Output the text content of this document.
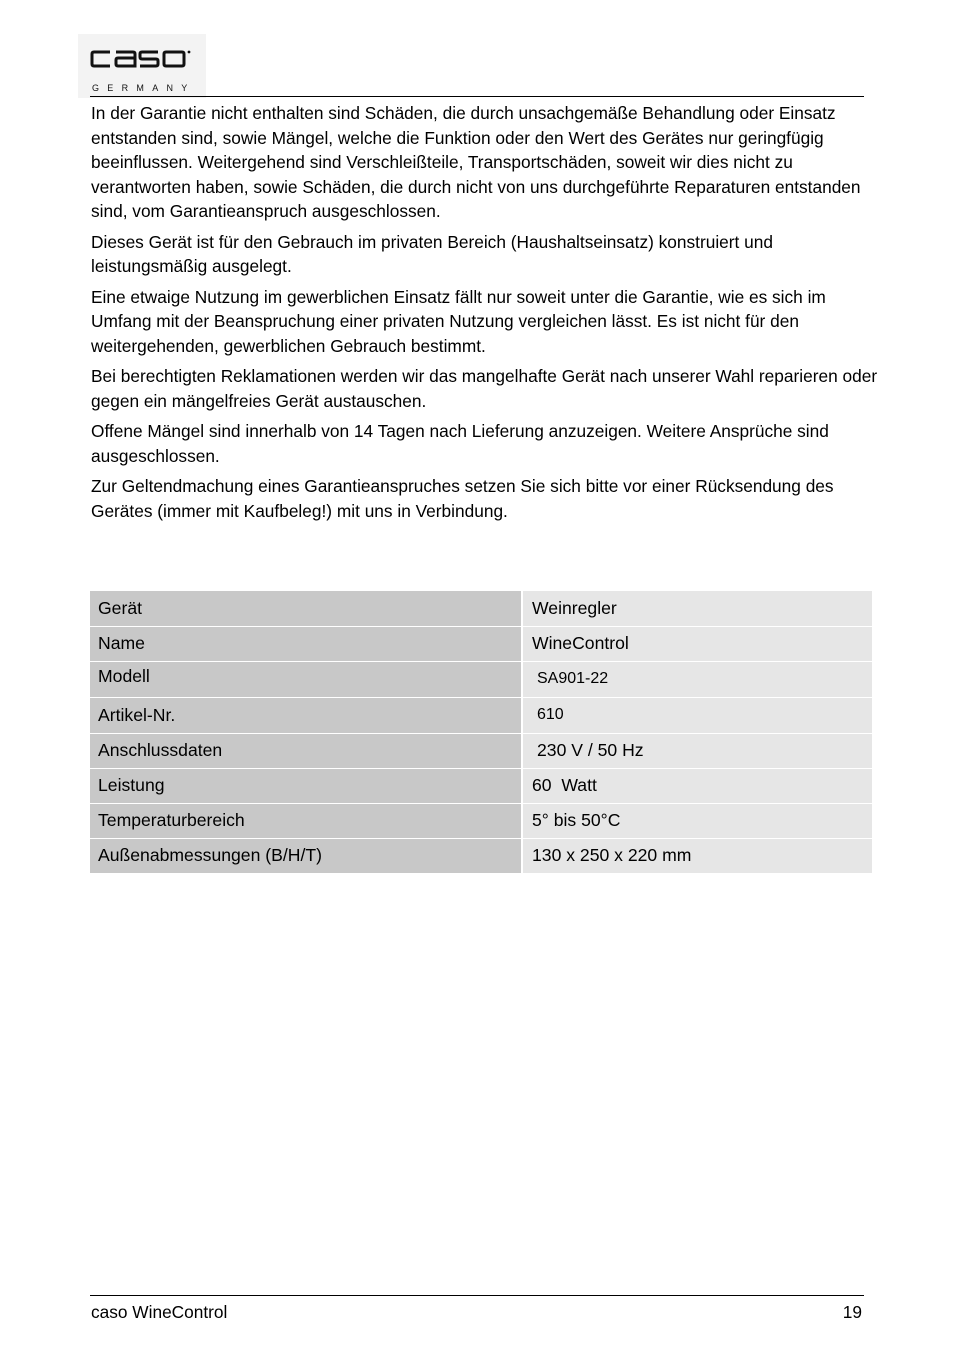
GERMANY

In der Garantie nicht enthalten sind Schäden, die durch unsachgemäße Behandlung oder Einsatz entstanden sind, sowie Mängel, welche die Funktion oder den Wert des Gerätes nur geringfügig beeinflussen. Weitergehend sind Verschleißteile, Transportschäden, soweit wir dies nicht zu verantworten haben, sowie Schäden, die durch nicht von uns durchgeführte Reparaturen entstanden sind, vom Garantieanspruch ausgeschlossen.

Dieses Gerät ist für den Gebrauch im privaten Bereich (Haushaltseinsatz) konstruiert und leistungsmäßig ausgelegt.

Eine etwaige Nutzung im gewerblichen Einsatz fällt nur soweit unter die Garantie, wie es sich im Umfang mit der Beanspruchung einer privaten Nutzung vergleichen lässt. Es ist nicht für den weitergehenden, gewerblichen Gebrauch bestimmt.

Bei berechtigten Reklamationen werden wir das mangelhafte Gerät nach unserer Wahl reparieren oder gegen ein mängelfreies Gerät austauschen.

Offene Mängel sind innerhalb von 14 Tagen nach Lieferung anzuzeigen. Weitere Ansprüche sind ausgeschlossen.

Zur Geltendmachung eines Garantieanspruches setzen Sie sich bitte vor einer Rücksendung des Gerätes (immer mit Kaufbeleg!) mit uns in Verbindung.

Gerät	Weinregler
Name	WineControl
Modell	SA901-22
Artikel-Nr.	610
Anschlussdaten	230 V / 50 Hz
Leistung	60  Watt
Temperaturbereich	5° bis 50°C
Außenabmessungen (B/H/T)	130 x 250 x 220 mm
caso WineControl	19
